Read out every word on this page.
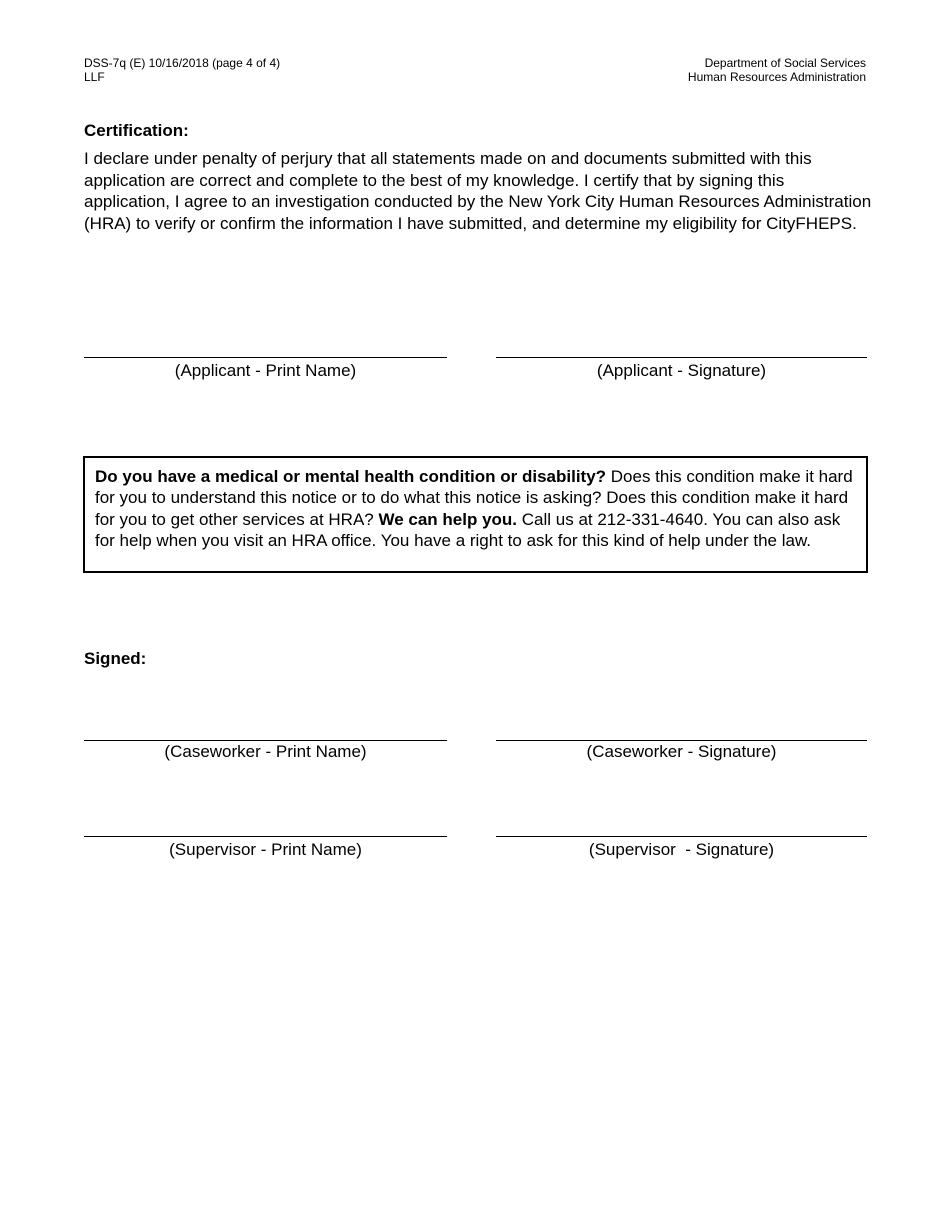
DSS-7q (E) 10/16/2018 (page 4 of 4)
LLF
Department of Social Services
Human Resources Administration
Certification:
I declare under penalty of perjury that all statements made on and documents submitted with this application are correct and complete to the best of my knowledge. I certify that by signing this application, I agree to an investigation conducted by the New York City Human Resources Administration (HRA) to verify or confirm the information I have submitted, and determine my eligibility for CityFHEPS.
(Applicant - Print Name)	(Applicant - Signature)
Do you have a medical or mental health condition or disability? Does this condition make it hard for you to understand this notice or to do what this notice is asking? Does this condition make it hard for you to get other services at HRA? We can help you. Call us at 212-331-4640. You can also ask for help when you visit an HRA office. You have a right to ask for this kind of help under the law.
Signed:
(Caseworker - Print Name)	(Caseworker - Signature)
(Supervisor - Print Name)	(Supervisor  - Signature)
